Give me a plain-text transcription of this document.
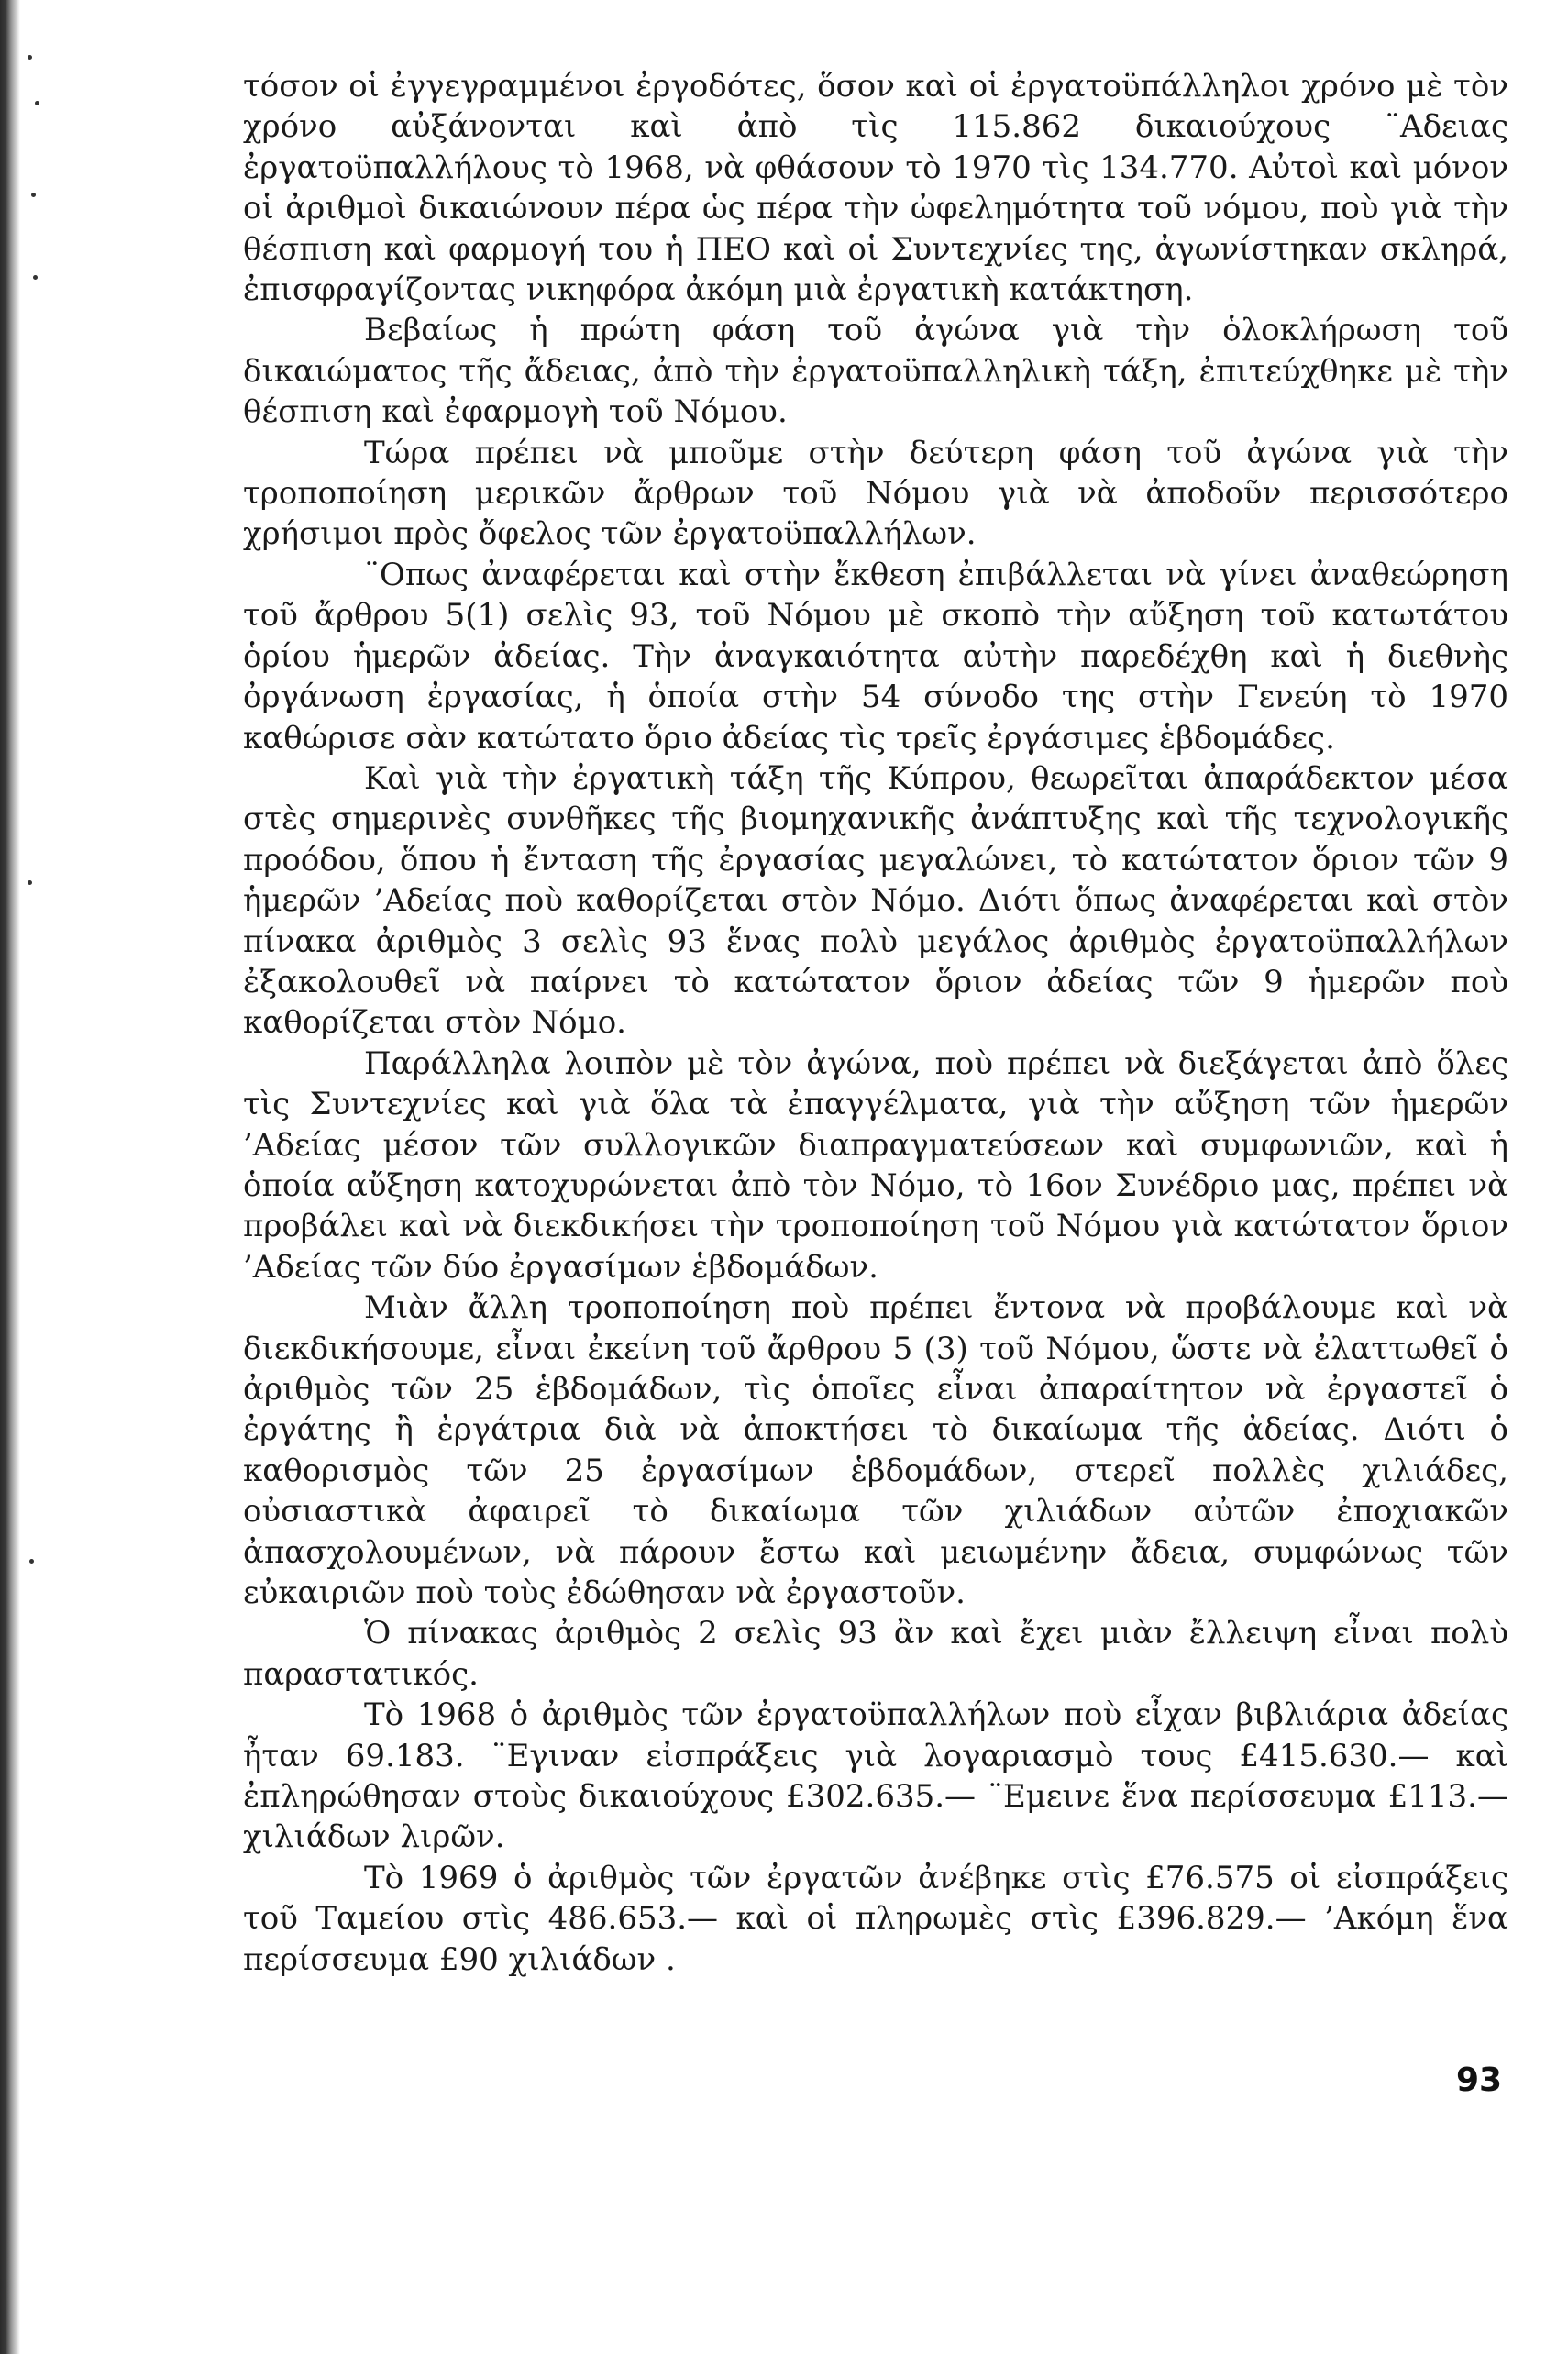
τόσον οἱ ἐγγεγραμμένοι ἐργοδότες, ὅσον καὶ οἱ ἐργατοϋπάλληλοι χρόνο μὲ τὸν χρόνο αὐξάνονται καὶ ἀπὸ τὶς 115.862 δικαιούχους ¨Αδειας ἐργατοϋπαλλήλους τὸ 1968, νὰ φθάσουν τὸ 1970 τὶς 134.770. Αὐτοὶ καὶ μόνον οἱ ἀριθμοὶ δικαιώνουν πέρα ὡς πέρα τὴν ὠφελημότητα τοῦ νόμου, ποὺ γιὰ τὴν θέσπιση καὶ φαρμογή του ἡ ΠΕΟ καὶ οἱ Συντεχνίες της, ἀγωνίστηκαν σκληρά, ἐπισφραγίζοντας νικηφόρα ἀκόμη μιὰ ἐργατικὴ κατάκτηση.

Βεβαίως ἡ πρώτη φάση τοῦ ἀγώνα γιὰ τὴν ὁλοκλήρωση τοῦ δικαιώματος τῆς ἄδειας, ἀπὸ τὴν ἐργατοϋπαλληλικὴ τάξη, ἐπιτεύχθηκε μὲ τὴν θέσπιση καὶ ἐφαρμογὴ τοῦ Νόμου.

Τώρα πρέπει νὰ μποῦμε στὴν δεύτερη φάση τοῦ ἀγώνα γιὰ τὴν τροποποίηση μερικῶν ἄρθρων τοῦ Νόμου γιὰ νὰ ἀποδοῦν περισσότερο χρήσιμοι πρὸς ὄφελος τῶν ἐργατοϋπαλλήλων.

¨Οπως ἀναφέρεται καὶ στὴν ἔκθεση ἐπιβάλλεται νὰ γίνει ἀναθεώρηση τοῦ ἄρθρου 5(1) σελὶς 93, τοῦ Νόμου μὲ σκοπὸ τὴν αὔξηση τοῦ κατωτάτου ὁρίου ἡμερῶν ἀδείας. Τὴν ἀναγκαιότητα αὐτὴν παρεδέχθη καὶ ἡ διεθνὴς ὀργάνωση ἐργασίας, ἡ ὁποία στὴν 54 σύνοδο της στὴν Γενεύη τὸ 1970 καθώρισε σὰν κατώτατο ὅριο ἀδείας τὶς τρεῖς ἐργάσιμες ἑβδομάδες.

Καὶ γιὰ τὴν ἐργατικὴ τάξη τῆς Κύπρου, θεωρεῖται ἀπαράδεκτον μέσα στὲς σημερινὲς συνθῆκες τῆς βιομηχανικῆς ἀνάπτυξης καὶ τῆς τεχνολογικῆς προόδου, ὅπου ἡ ἔνταση τῆς ἐργασίας μεγαλώνει, τὸ κατώτατον ὅριον τῶν 9 ἡμερῶν ’Αδείας ποὺ καθορίζεται στὸν Νόμο. Διότι ὅπως ἀναφέρεται καὶ στὸν πίνακα ἀριθμὸς 3 σελὶς 93 ἕνας πολὺ μεγάλος ἀριθμὸς ἐργατοϋπαλλήλων ἐξακολουθεῖ νὰ παίρνει τὸ κατώτατον ὅριον ἀδείας τῶν 9 ἡμερῶν ποὺ καθορίζεται στὸν Νόμο.

Παράλληλα λοιπὸν μὲ τὸν ἀγώνα, ποὺ πρέπει νὰ διεξάγεται ἀπὸ ὅλες τὶς Συντεχνίες καὶ γιὰ ὅλα τὰ ἐπαγγέλματα, γιὰ τὴν αὔξηση τῶν ἡμερῶν ’Αδείας μέσον τῶν συλλογικῶν διαπραγματεύσεων καὶ συμφωνιῶν, καὶ ἡ ὁποία αὔξηση κατοχυρώνεται ἀπὸ τὸν Νόμο, τὸ 16ον Συνέδριο μας, πρέπει νὰ προβάλει καὶ νὰ διεκδικήσει τὴν τροποποίηση τοῦ Νόμου γιὰ κατώτατον ὅριον ’Αδείας τῶν δύο ἐργασίμων ἑβδομάδων.

Μιὰν ἄλλη τροποποίηση ποὺ πρέπει ἔντονα νὰ προβάλουμε καὶ νὰ διεκδικήσουμε, εἶναι ἐκείνη τοῦ ἄρθρου 5 (3) τοῦ Νόμου, ὥστε νὰ ἐλαττωθεῖ ὁ ἀριθμὸς τῶν 25 ἑβδομάδων, τὶς ὁποῖες εἶναι ἀπαραίτητον νὰ ἐργαστεῖ ὁ ἐργάτης ἢ ἐργάτρια διὰ νὰ ἀποκτήσει τὸ δικαίωμα τῆς ἀδείας. Διότι ὁ καθορισμὸς τῶν 25 ἐργασίμων ἑβδομάδων, στερεῖ πολλὲς χιλιάδες, οὐσιαστικὰ ἀφαιρεῖ τὸ δικαίωμα τῶν χιλιάδων αὐτῶν ἐποχιακῶν ἀπασχολουμένων, νὰ πάρουν ἔστω καὶ μειωμένην ἄδεια, συμφώνως τῶν εὐκαιριῶν ποὺ τοὺς ἐδώθησαν νὰ ἐργαστοῦν.

Ὁ πίνακας ἀριθμὸς 2 σελὶς 93 ἂν καὶ ἔχει μιὰν ἔλλειψη εἶναι πολὺ παραστατικός.

Τὸ 1968 ὁ ἀριθμὸς τῶν ἐργατοϋπαλλήλων ποὺ εἶχαν βιβλιάρια ἀδείας ἦταν 69.183. ¨Εγιναν εἰσπράξεις γιὰ λογαριασμὸ τους £415.630.— καὶ ἐπληρώθησαν στοὺς δικαιούχους £302.635.— ¨Εμεινε ἕνα περίσσευμα £113.— χιλιάδων λιρῶν.

Τὸ 1969 ὁ ἀριθμὸς τῶν ἐργατῶν ἀνέβηκε στὶς £76.575 οἱ εἰσπράξεις τοῦ Ταμείου στὶς 486.653.— καὶ οἱ πληρωμὲς στὶς £396.829.— ’Ακόμη ἕνα περίσσευμα £90 χιλιάδων .

93
